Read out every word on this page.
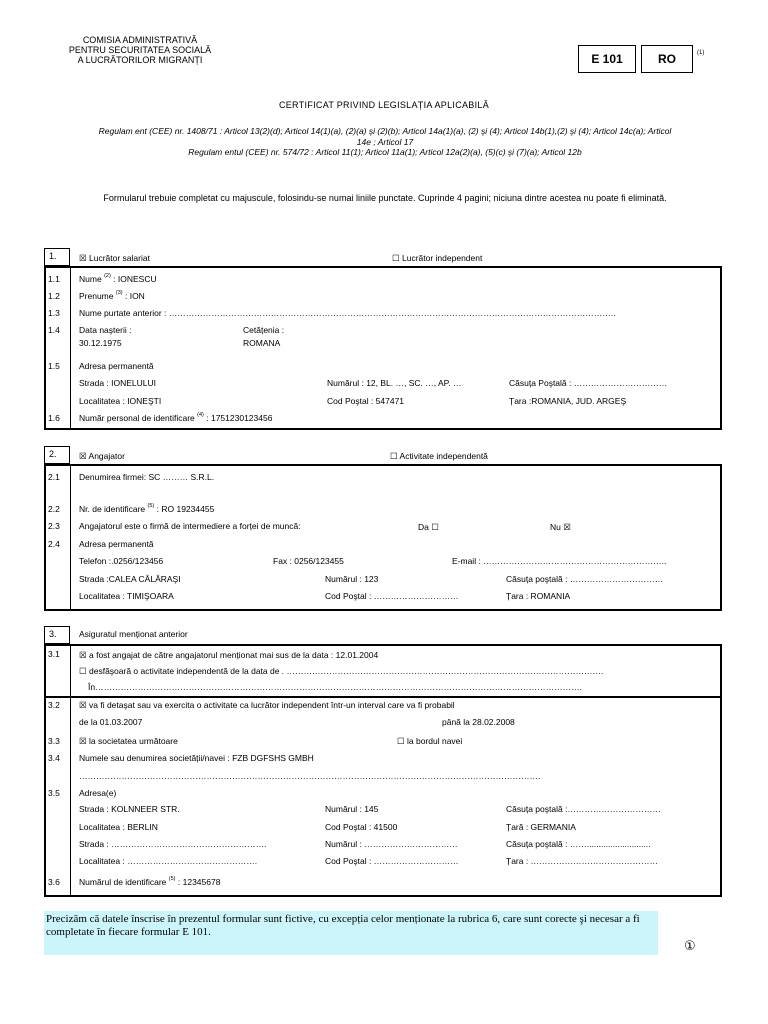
COMISIA ADMINISTRATIVĂ
PENTRU SECURITATEA SOCIALĂ
A LUCRĂTORILOR MIGRANȚI	E 101	RO	(1)
CERTIFICAT PRIVIND LEGISLAȚIA APLICABILĂ
Regulam ent (CEE) nr. 1408/71 : Articol 13(2)(d); Articol 14(1)(a), (2)(a) şi (2)(b); Articol 14a(1)(a), (2) şi (4); Articol 14b(1),(2) şi (4); Articol 14c(a); Articol
14e ; Articol 17
Regulam entul (CEE) nr. 574/72 : Articol 11(1); Articol 11a(1); Articol 12a(2)(a), (5)(c) şi (7)(a); Articol 12b
Formularul trebuie completat cu majuscule, folosindu-se numai liniile punctate. Cuprinde 4 pagini; niciuna dintre acestea nu poate fi eliminată.
1.	☒ Lucrător salariat	☐ Lucrător independent
1.1 Nume $^{(2)}$ : IONESCU
1.2 Prenume $^{(3)}$ : ION
1.3 Nume purtate anterior : …………………………………………………………………………………………………………………………………………..
1.4 Data naşterii :
30.12.1975
Cetățenia :
ROMANA
1.5 Adresa permanentă
Strada : IONELULUI	Numărul : 12, BL. …, SC. …, AP. …	Căsuța Poştală : ……………………………
Localitatea : IONEŞTI	Cod Poştal : 547471	Țara :ROMANIA, JUD. ARGEŞ
1.6 Număr personal de identificare $^{(4)}$ : 1751230123456
2.	☒ Angajator	☐ Activitate independentă
2.1 Denumirea firmei: SC ……… S.R.L.
2.2 Nr. de identificare $^{(5)}$ : RO 19234455
2.3 Angajatorul este o firmă de intermediere a forței de muncă:	Da ☐	Nu ☒
2.4 Adresa permanentă
Telefon :.0256/123456	Fax : 0256/123455	E-mail : ………………………………………………………..
Strada :CALEA CĂLĂRAŞI	Numărul : 123	Căsuța poştală : ……………………………
Localitatea : TIMIŞOARA	Cod Poştal : …………………………	Țara : ROMANIA
3.	Asiguratul menționat anterior
3.1 ☒ a fost angajat de către angajatorul menționat mai sus de la data : 12.01.2004
☐ desfăşoară o activitate independentă de la data de . ………………………………………………………………………………………………….
În……………………………………………………………………………………………………………………………………………………….
3.2 ☒ va fi detaşat sau va exercita o activitate ca lucrător independent într-un interval care va fi probabil
de la 01.03.2007	până la 28.02.2008
3.3 ☒ la societatea următoare	☐ la bordul navei
3.4 Numele sau denumirea societății/navei : FZB DGFSHS GMBH
……………………………………………………………………………………………………………………………………………….
3.5 Adresa(e)
Strada : KOLNNEER STR.	Numărul : 145	Căsuța poştală :……………………………
Localitatea : BERLIN	Cod Poştal : 41500	Țară : GERMANIA
Strada : ……………………………………………….	Numărul : ……………………………	Căsuța poştală : ……...........................
Localitatea : ……………………………………….	Cod Poştal : …………………………	Țara : ………………………………………
3.6 Numărul de identificare $^{(5)}$ : 12345678
Precizăm că datele înscrise în prezentul formular sunt fictive, cu excepția celor menționate la rubrica 6, care sunt corecte şi necesar a fi completate în fiecare formular E 101.
①
